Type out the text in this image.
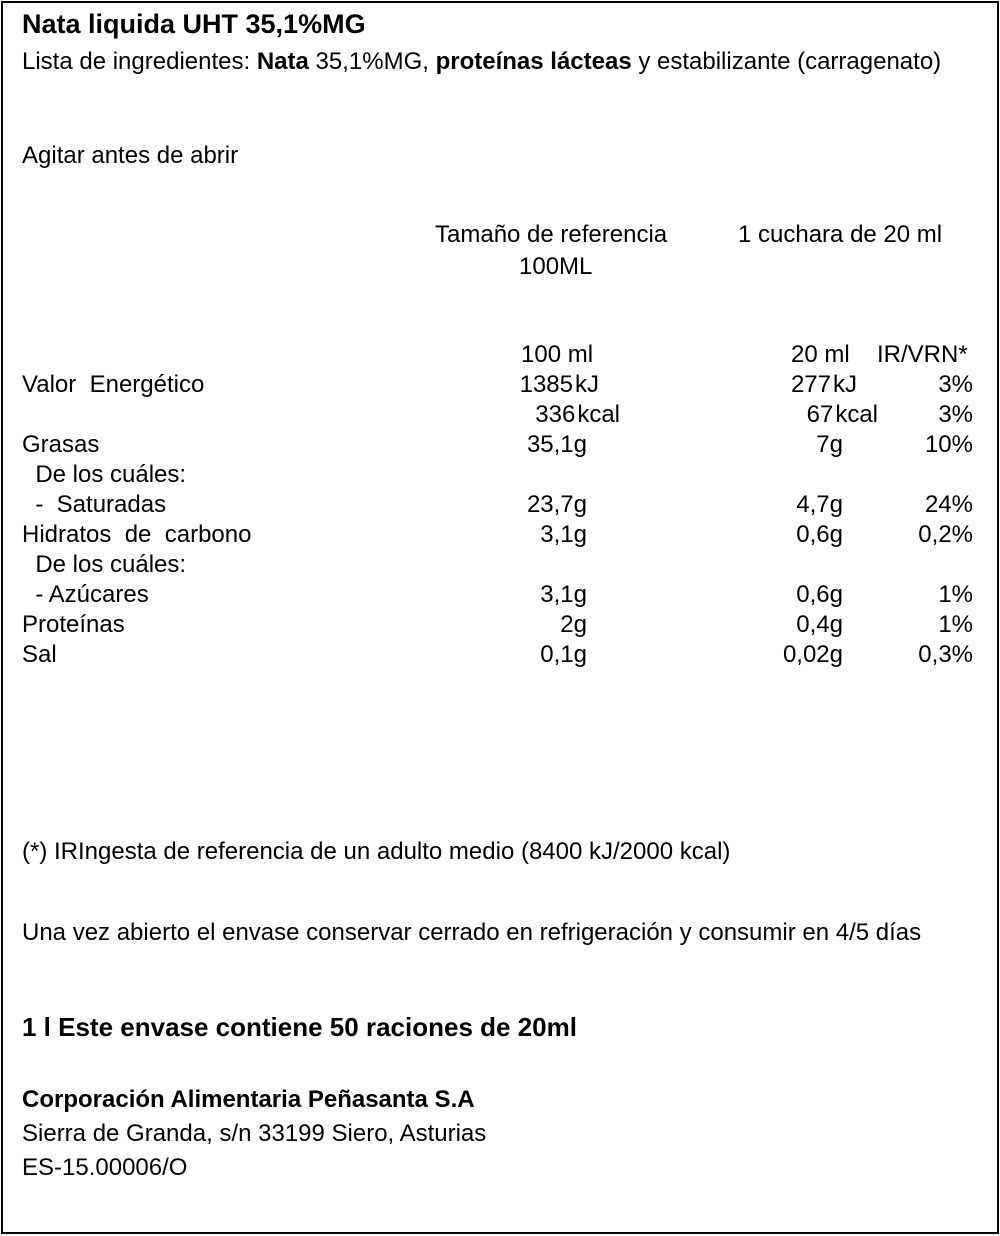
Nata liquida UHT 35,1%MG
Lista de ingredientes: Nata 35,1%MG, proteínas lácteas y estabilizante (carragenato)
Agitar antes de abrir
Tamaño de referencia
100ML
1 cuchara de 20 ml
100 ml	20 ml IR/VRN*
Valor  Energético	1385kJ	277kJ	3%
336kcal	67kcal	3%
Grasas	35,1g	7g	10%
De los cuáles:
-  Saturadas	23,7g	4,7g	24%
Hidratos  de  carbono	3,1g	0,6g	0,2%
De los cuáles:
- Azúcares	3,1g	0,6g	1%
Proteínas	2g	0,4g	1%
Sal	0,1g	0,02g	0,3%
(*) IRIngesta de referencia de un adulto medio (8400 kJ/2000 kcal)
Una vez abierto el envase conservar cerrado en refrigeración y consumir en 4/5 días
1 l Este envase contiene 50 raciones de 20ml
Corporación Alimentaria Peñasanta S.A
Sierra de Granda, s/n 33199 Siero, Asturias
ES-15.00006/O
